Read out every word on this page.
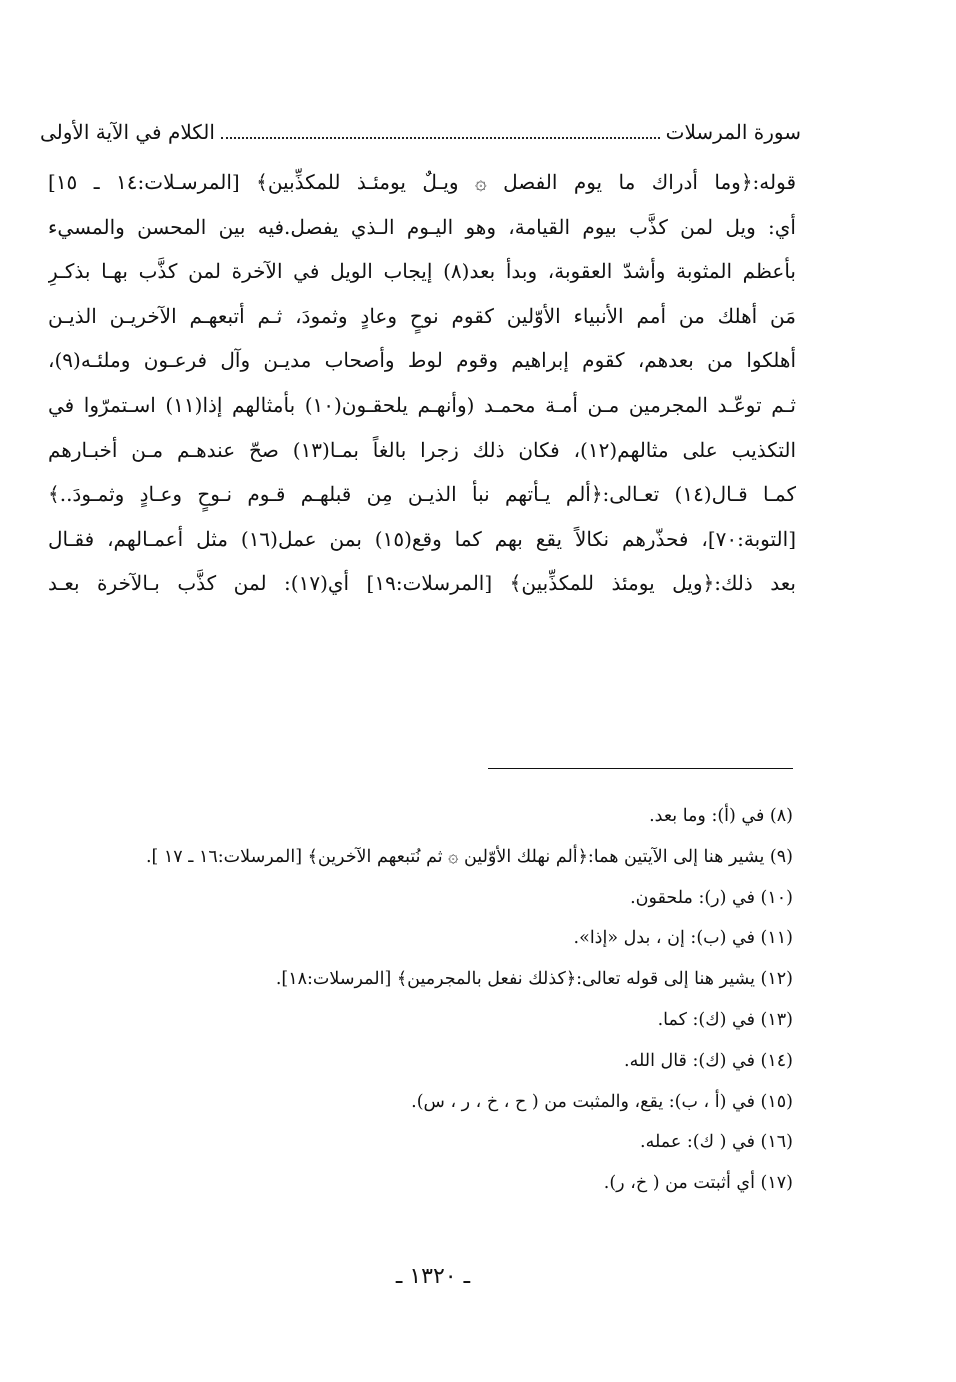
سورة المرسلات
الكلام في الآية الأولى
قوله:﴿وما أدراك ما يوم الفصل ۞ ويـلٌ يومئـذ للمكذِّبين﴾ [المرسـلات:١٤ ـ ١٥]
أي: ويل لمن كذَّب بيوم القيامة، وهو اليـوم الـذي يفصل.فيه بين المحسن والمسيء
بأعظم المثوبة وأشدّ العقوبة، وبدأ بعد(٨) إيجاب الويل في الآخرة لمن كذَّب بهـا بذكـرِ
مَن أهلك من أمم الأنبياء الأوّلين كقوم نوحٍ وعادٍ وثمودَ، ثـم أتبعهـم الآخريـن الذيـن
أهلكوا من بعدهم، كقوم إبراهيم وقوم لوط وأصحاب مديـن وآل فرعـون وملئـه(٩)،
ثـم توعّـد المجرمين مـن أمـة محمـد (وأنهـم يلحقـون(١٠) بأمثالهم إذا(١١) اسـتمرّوا في
التكذيب على مثالهم(١٢)، فكان ذلك زجرا بالغاً بمـا(١٣) صحّ عندهـم مـن أخبـارهم
كمـا قـال(١٤) تعـالى:﴿ألم يـأتهم نبأ الذيـن مِن قبلهـم قـوم نـوحٍ وعـادٍ وثمـودَ..﴾
[التوبة:٧٠]، فحذّرهم نكالاً يقع بهم كما وقع(١٥) بمن عمل(١٦) مثل أعمـالهم، فقـال
بعد ذلك:﴿ويل يومئذ للمكذِّبين﴾ [المرسلات:١٩] أي(١٧): لمن كذَّب بـالآخرة بعـد
(٨) في (أ): وما بعد.
(٩) يشير هنا إلى الآيتين هما:﴿ألم نهلك الأوّلين ۞ ثم نُتبعهم الآخرين﴾ [المرسلات:١٦ ـ ١٧ ].
(١٠) في (ر): ملحقون.
(١١) في (ب): إن ، بدل «إذا».
(١٢) يشير هنا إلى قوله تعالى:﴿كذلك نفعل بالمجرمين﴾ [المرسلات:١٨].
(١٣) في (ك): كما.
(١٤) في (ك): قال الله.
(١٥) في (أ ، ب): يقع، والمثبت من ( ح ، خ ، ر ، س).
(١٦) في ( ك): عمله.
(١٧) أي أثبتت من ( خ، ر).
ـ ١٣٢٠ ـ
